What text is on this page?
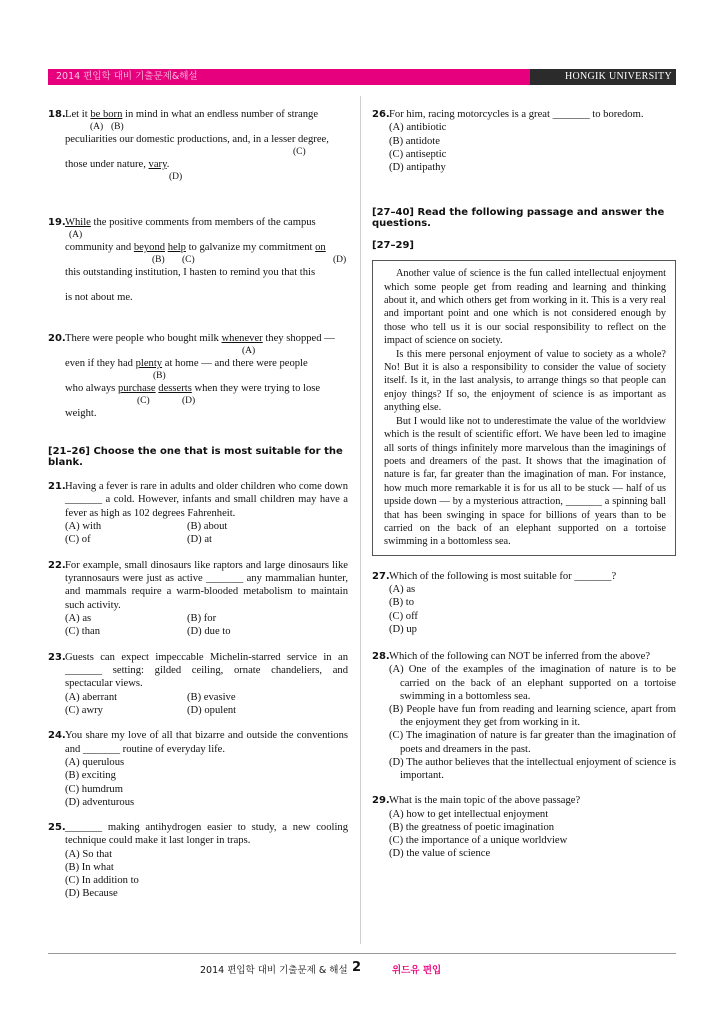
2014 편입학 대비 기출문제&해설	HONGIK UNIVERSITY
18. Let it be born in mind in what an endless number of strange
(A) (B)
peculiarities our domestic productions, and, in a lesser degree,
(C)
those under nature, vary.
(D)
19. While the positive comments from members of the campus
(A)
community and beyond help to galvanize my commitment on
(B) (C)	(D)
this outstanding institution, I hasten to remind you that this
is not about me.
20. There were people who bought milk whenever they shopped —
(A)
even if they had plenty at home — and there were people
(B)
who always purchase desserts when they were trying to lose
(C)	(D)
weight.
[21–26] Choose the one that is most suitable for the blank.
21. Having a fever is rare in adults and older children who come down _______ a cold. However, infants and small children may have a fever as high as 102 degrees Fahrenheit.
(A) with	(B) about
(C) of	(D) at
22. For example, small dinosaurs like raptors and large dinosaurs like tyrannosaurs were just as active _______ any mammalian hunter, and mammals require a warm-blooded metabolism to maintain such activity.
(A) as	(B) for
(C) than	(D) due to
23. Guests can expect impeccable Michelin-starred service in an _______ setting: gilded ceiling, ornate chandeliers, and spectacular views.
(A) aberrant	(B) evasive
(C) awry	(D) opulent
24. You share my love of all that bizarre and outside the conventions and _______ routine of everyday life.
(A) querulous
(B) exciting
(C) humdrum
(D) adventurous
25. _______ making antihydrogen easier to study, a new cooling technique could make it last longer in traps.
(A) So that
(B) In what
(C) In addition to
(D) Because
26. For him, racing motorcycles is a great _______ to boredom.
(A) antibiotic
(B) antidote
(C) antiseptic
(D) antipathy
[27–40] Read the following passage and answer the questions.
[27–29]

Another value of science is the fun called intellectual enjoyment which some people get from reading and learning and thinking about it, and which others get from working in it. This is a very real and important point and one which is not considered enough by those who tell us it is our social responsibility to reflect on the impact of science on society.

Is this mere personal enjoyment of value to society as a whole? No! But it is also a responsibility to consider the value of society itself. Is it, in the last analysis, to arrange things so that people can enjoy things? If so, the enjoyment of science is as important as anything else.

But I would like not to underestimate the value of the worldview which is the result of scientific effort. We have been led to imagine all sorts of things infinitely more marvelous than the imaginings of poets and dreamers of the past. It shows that the imagination of nature is far, far greater than the imagination of man. For instance, how much more remarkable it is for us all to be stuck — half of us upside down — by a mysterious attraction, _______ a spinning ball that has been swinging in space for billions of years than to be carried on the back of an elephant supported on a tortoise swimming in a bottomless sea.

27. Which of the following is most suitable for _______?
(A) as
(B) to
(C) off
(D) up
28. Which of the following can NOT be inferred from the above?
(A) One of the examples of the imagination of nature is to be carried on the back of an elephant supported on a tortoise swimming in a bottomless sea.
(B) People have fun from reading and learning science, apart from the enjoyment they get from working in it.
(C) The imagination of nature is far greater than the imagination of poets and dreamers in the past.
(D) The author believes that the intellectual enjoyment of science is important.
29. What is the main topic of the above passage?
(A) how to get intellectual enjoyment
(B) the greatness of poetic imagination
(C) the importance of a unique worldview
(D) the value of science
2014 편입학 대비 기출문제 & 해설 2	위드유 편입
